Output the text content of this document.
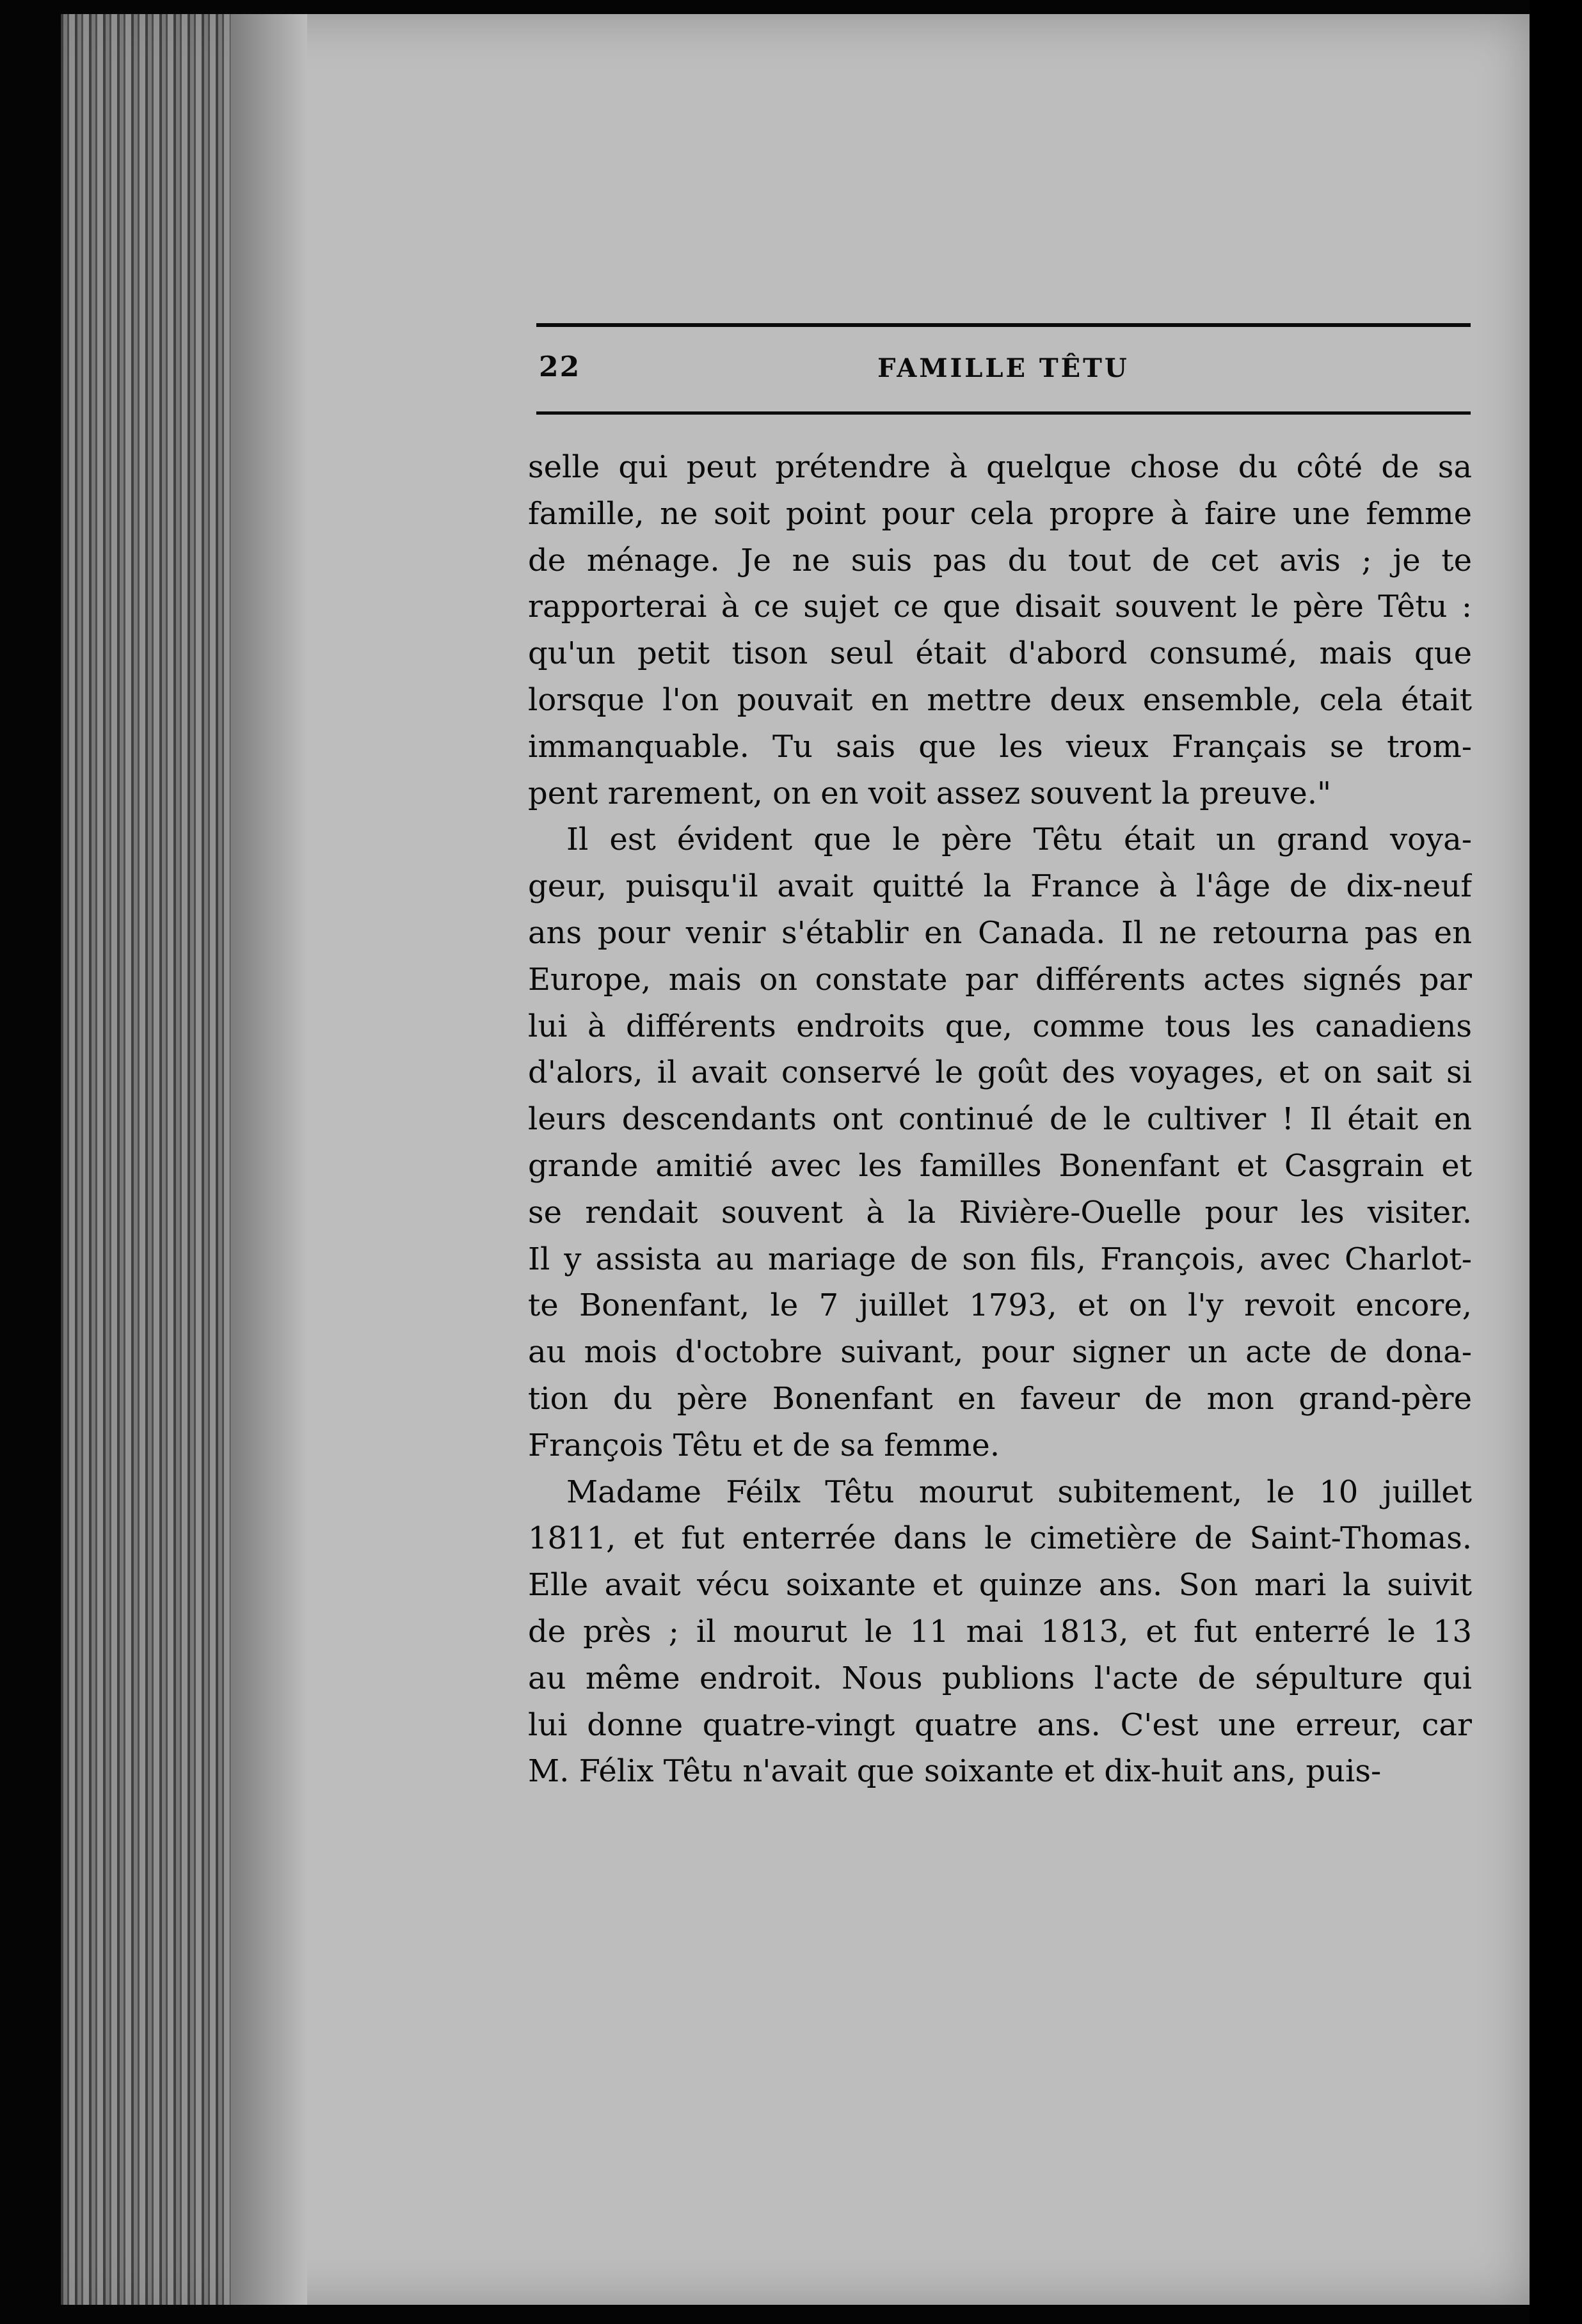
22	FAMILLE TÊTU
selle qui peut prétendre à quelque chose du côté de sa
famille, ne soit point pour cela propre à faire une femme
de ménage. Je ne suis pas du tout de cet avis ; je te
rapporterai à ce sujet ce que disait souvent le père Têtu :
qu'un petit tison seul était d'abord consumé, mais que
lorsque l'on pouvait en mettre deux ensemble, cela était
immanquable. Tu sais que les vieux Français se trom-
pent rarement, on en voit assez souvent la preuve."
Il est évident que le père Têtu était un grand voya-
geur, puisqu'il avait quitté la France à l'âge de dix-neuf
ans pour venir s'établir en Canada. Il ne retourna pas en
Europe, mais on constate par différents actes signés par
lui à différents endroits que, comme tous les canadiens
d'alors, il avait conservé le goût des voyages, et on sait si
leurs descendants ont continué de le cultiver ! Il était en
grande amitié avec les familles Bonenfant et Casgrain et
se rendait souvent à la Rivière-Ouelle pour les visiter.
Il y assista au mariage de son fils, François, avec Charlot-
te Bonenfant, le 7 juillet 1793, et on l'y revoit encore,
au mois d'octobre suivant, pour signer un acte de dona-
tion du père Bonenfant en faveur de mon grand-père
François Têtu et de sa femme.
Madame Féilx Têtu mourut subitement, le 10 juillet
1811, et fut enterrée dans le cimetière de Saint-Thomas.
Elle avait vécu soixante et quinze ans. Son mari la suivit
de près ; il mourut le 11 mai 1813, et fut enterré le 13
au même endroit. Nous publions l'acte de sépulture qui
lui donne quatre-vingt quatre ans. C'est une erreur, car
M. Félix Têtu n'avait que soixante et dix-huit ans, puis-
